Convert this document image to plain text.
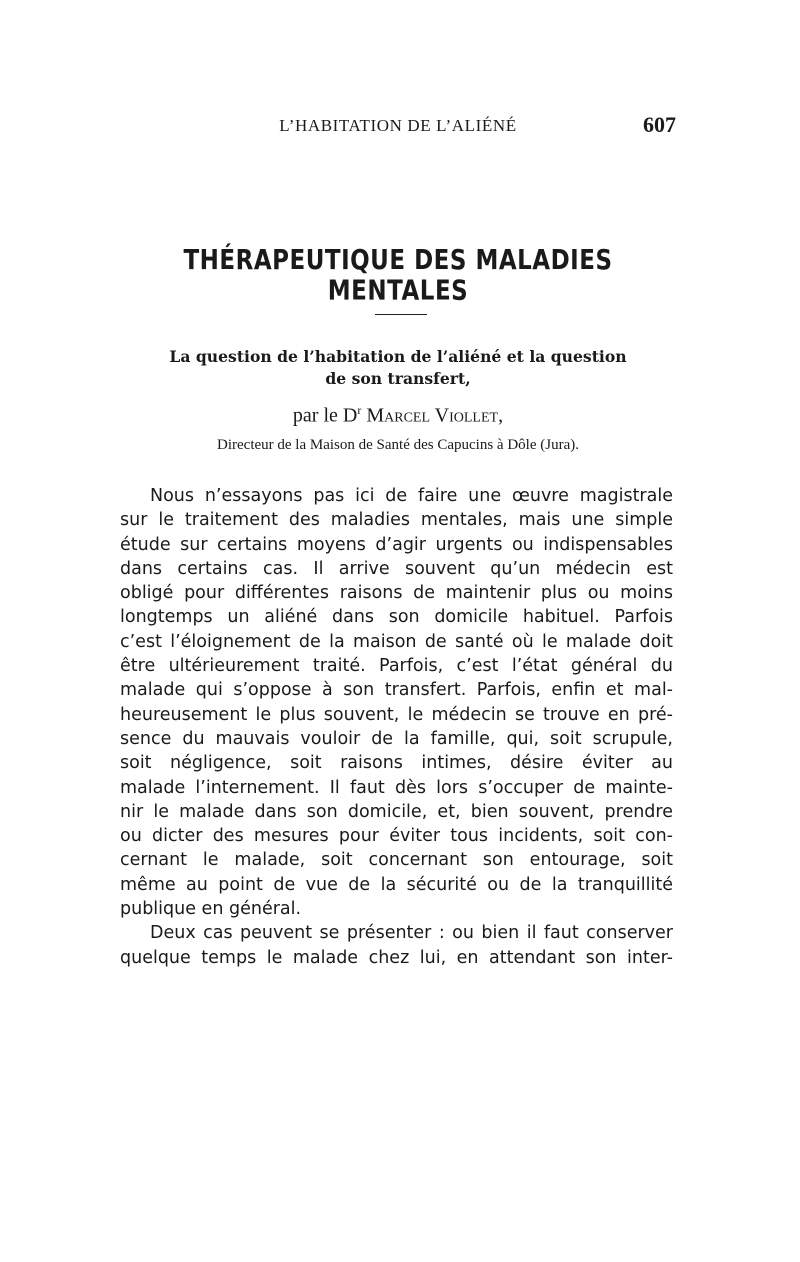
L’HABITATION DE L’ALIÉNÉ	607
THÉRAPEUTIQUE DES MALADIES MENTALES
La question de l’habitation de l’aliéné et la question
de son transfert,
par le $D^r$ Marcel Viollet,
Directeur de la Maison de Santé des Capucins à Dôle (Jura).
Nous n’essayons pas ici de faire une œuvre magistrale
sur le traitement des maladies mentales, mais une simple
étude sur certains moyens d’agir urgents ou indispensables
dans certains cas. Il arrive souvent qu’un médecin est
obligé pour différentes raisons de maintenir plus ou moins
longtemps un aliéné dans son domicile habituel. Parfois
c’est l’éloignement de la maison de santé où le malade doit
être ultérieurement traité. Parfois, c’est l’état général du
malade qui s’oppose à son transfert. Parfois, enfin et mal-
heureusement le plus souvent, le médecin se trouve en pré-
sence du mauvais vouloir de la famille, qui, soit scrupule,
soit négligence, soit raisons intimes, désire éviter au
malade l’internement. Il faut dès lors s’occuper de mainte-
nir le malade dans son domicile, et, bien souvent, prendre
ou dicter des mesures pour éviter tous incidents, soit con-
cernant le malade, soit concernant son entourage, soit
même au point de vue de la sécurité ou de la tranquillité
publique en général.
Deux cas peuvent se présenter : ou bien il faut conserver
quelque temps le malade chez lui, en attendant son inter-
